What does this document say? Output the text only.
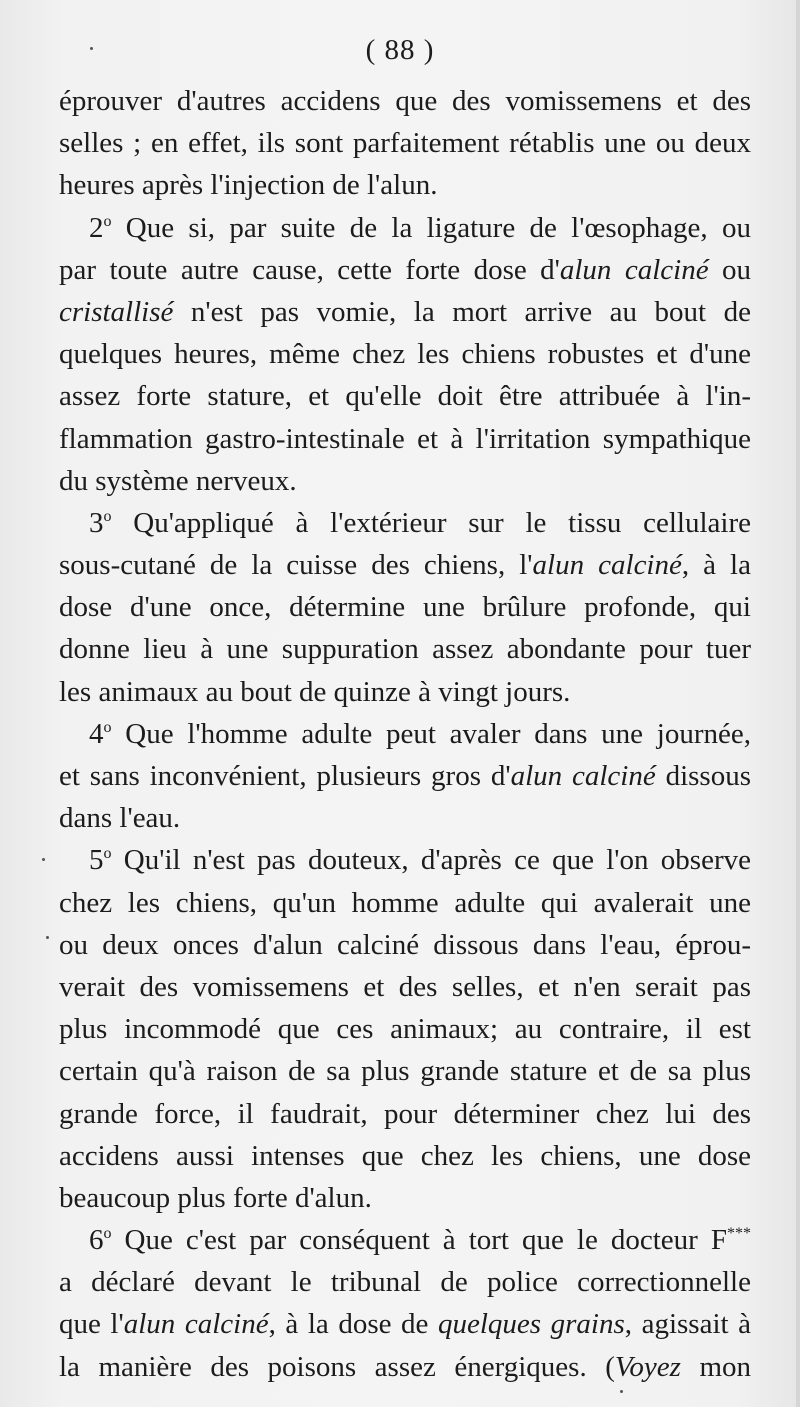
( 88 )
éprouver d'autres accidens que des vomissemens et des
selles ; en effet, ils sont parfaitement rétablis une ou deux
heures après l'injection de l'alun.
2$^o$ Que si, par suite de la ligature de l'œsophage, ou
par toute autre cause, cette forte dose d'alun calciné ou
cristallisé n'est pas vomie, la mort arrive au bout de
quelques heures, même chez les chiens robustes et d'une
assez forte stature, et qu'elle doit être attribuée à l'in-
flammation gastro-intestinale et à l'irritation sympathique
du système nerveux.
3$^o$ Qu'appliqué à l'extérieur sur le tissu cellulaire
sous-cutané de la cuisse des chiens, l'alun calciné, à la
dose d'une once, détermine une brûlure profonde, qui
donne lieu à une suppuration assez abondante pour tuer
les animaux au bout de quinze à vingt jours.
4$^o$ Que l'homme adulte peut avaler dans une journée,
et sans inconvénient, plusieurs gros d'alun calciné dissous
dans l'eau.
5$^o$ Qu'il n'est pas douteux, d'après ce que l'on observe
chez les chiens, qu'un homme adulte qui avalerait une
ou deux onces d'alun calciné dissous dans l'eau, éprou-
verait des vomissemens et des selles, et n'en serait pas
plus incommodé que ces animaux; au contraire, il est
certain qu'à raison de sa plus grande stature et de sa plus
grande force, il faudrait, pour déterminer chez lui des
accidens aussi intenses que chez les chiens, une dose
beaucoup plus forte d'alun.
6$^o$ Que c'est par conséquent à tort que le docteur F***
a déclaré devant le tribunal de police correctionnelle
que l'alun calciné, à la dose de quelques grains, agissait à
la manière des poisons assez énergiques. (Voyez mon
